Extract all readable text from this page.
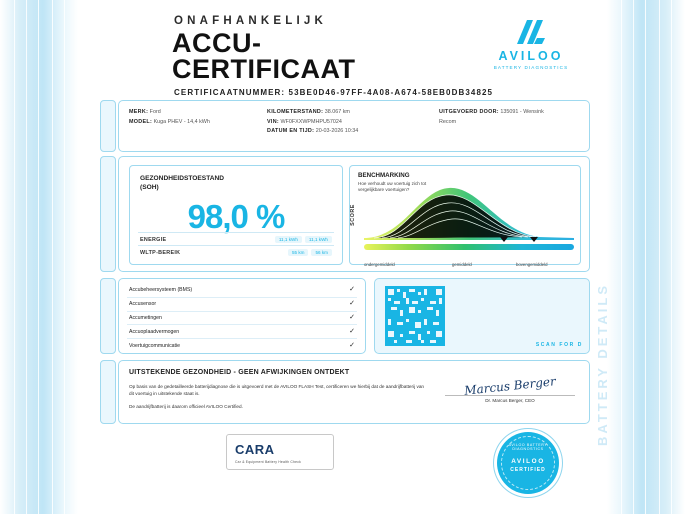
ONAFHANKELIJK
ACCU-
CERTIFICAAT
CERTIFICAATNUMMER: 53BE0D46-97FF-4A08-A674-58EB0DB34825
AVILOO
BATTERY DIAGNOSTICS
MERK: Ford
MODEL: Kuga PHEV - 14,4 kWh
KILOMETERSTAND: 38.067 km
VIN: WF0FXXWPMHPU57024
DATUM EN TIJD: 20-03-2026 10:34
UITGEVOERD DOOR: 135091 - Wensink
Recom
GEZONDHEIDSTOESTAND
(SOH)
98,0 %
ENERGIE	11,1 kWh	11,1 kWh
WLTP-BEREIK	55 km	56 km
BENCHMARKING
Hoe verhoudt uw voertuig zich tot vergelijkbare voertuigen?
SCORE
ondergemiddeld	gemiddeld	bovengemiddeld
Accubeheersysteem (BMS)	✓
Accusensor	✓
Accumetingen	✓
Accuoplaadvermogen	✓
Voertuigcommunicatie	✓	BATTERY DETAILS
SCAN FOR D
UITSTEKENDE GEZONDHEID - GEEN AFWIJKINGEN ONTDEKT

Op basis van de gedetailleerde batterijdiagnose die is uitgevoerd met de AVILOO FLASH Test, certificeren we hierbij dat de aandrijfbatterij van dit voertuig in uitstekende staat is.

De aandrijfbatterij is daarom officieel AVILOO Certified.

Marcus Berger
Dr. Marcus Berger, CEO
CARA
Car & Equipment Battery Health Check
AVILOO BATTERY DIAGNOSTICS
AVILOO
CERTIFIED
